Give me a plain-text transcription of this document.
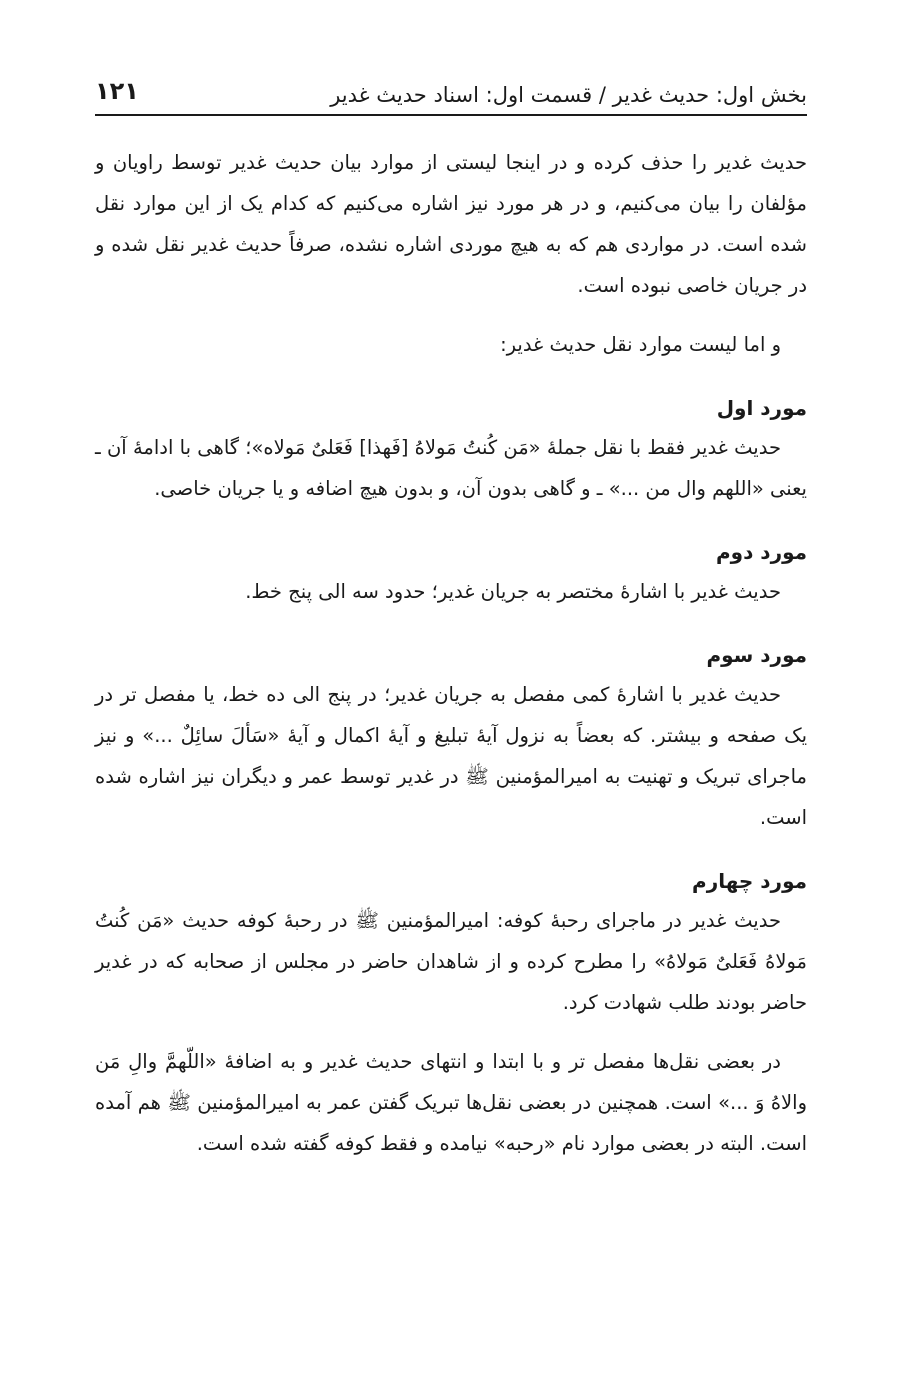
بخش اول: حدیث غدیر / قسمت اول: اسناد حدیث غدیر
۱۲۱

حدیث غدیر را حذف کرده و در اینجا لیستی از موارد بیان حدیث غدیر توسط راویان و مؤلفان را بیان می‌کنیم، و در هر مورد نیز اشاره می‌کنیم که کدام یک از این موارد نقل شده است. در مواردی هم که به هیچ موردی اشاره نشده، صرفاً حدیث غدیر نقل شده و در جریان خاصی نبوده است.

و اما لیست موارد نقل حدیث غدیر:

مورد اول

حدیث غدیر فقط با نقل جملهٔ «مَن کُنتُ مَولاهُ [فَهذا] فَعَلیٌ مَولاه»؛ گاهی با ادامهٔ آن ـ یعنی «اللهم وال من ...» ـ و گاهی بدون آن، و بدون هیچ اضافه و یا جریان خاصی.

مورد دوم

حدیث غدیر با اشارهٔ مختصر به جریان غدیر؛ حدود سه الی پنج خط.

مورد سوم

حدیث غدیر با اشارهٔ کمی مفصل به جریان غدیر؛ در پنج الی ده خط، یا مفصل تر در یک صفحه و بیشتر. که بعضاً به نزول آیهٔ تبلیغ و آیهٔ اکمال و آیهٔ «سَألَ سائِلٌ ...» و نیز ماجرای تبریک و تهنیت به امیرالمؤمنین ﷺ در غدیر توسط عمر و دیگران نیز اشاره شده است.

مورد چهارم

حدیث غدیر در ماجرای رحبهٔ کوفه: امیرالمؤمنین ﷺ در رحبهٔ کوفه حدیث «مَن کُنتُ مَولاهُ فَعَلیٌ مَولاهُ» را مطرح کرده و از شاهدان حاضر در مجلس از صحابه که در غدیر حاضر بودند طلب شهادت کرد.

در بعضی نقل‌ها مفصل تر و با ابتدا و انتهای حدیث غدیر و به اضافهٔ «اللّهمَّ والِ مَن والاهُ وَ ...» است. همچنین در بعضی نقل‌ها تبریک گفتن عمر به امیرالمؤمنین ﷺ هم آمده است. البته در بعضی موارد نام «رحبه» نیامده و فقط کوفه گفته شده است.
